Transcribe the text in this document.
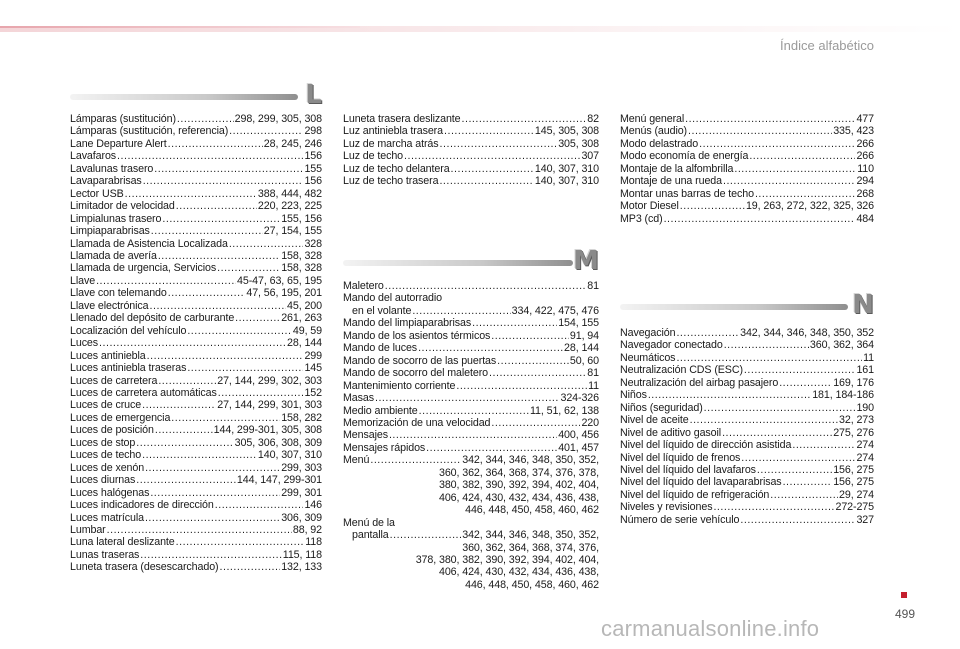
Índice alfabético
L
M
N
Lámparas (sustitución) .....	298, 299, 305, 308
Lámparas (sustitución, referencia) .....	298
Lane Departure Alert .....	28, 245, 246
Lavafaros .....	156
Lavalunas trasero .....	155
Lavaparabrisas .....	156
Lector USB .....	388, 444, 482
Limitador de velocidad .....	220, 223, 225
Limpialunas trasero .....	155, 156
Limpiaparabrisas .....	27, 154, 155
Llamada de Asistencia Localizada .....	328
Llamada de avería .....	158, 328
Llamada de urgencia, Servicios .....	158, 328
Llave .....	45-47, 63, 65, 195
Llave con telemando .....	47, 56, 195, 201
Llave electrónica .....	45, 200
Llenado del depósito de carburante .....	261, 263
Localización del vehículo .....	49, 59
Luces .....	28, 144
Luces antiniebla .....	299
Luces antiniebla traseras .....	145
Luces de carretera .....	27, 144, 299, 302, 303
Luces de carretera automáticas .....	152
Luces de cruce .....	27, 144, 299, 301, 303
Luces de emergencia .....	158, 282
Luces de posición .....	144, 299-301, 305, 308
Luces de stop .....	305, 306, 308, 309
Luces de techo .....	140, 307, 310
Luces de xenón .....	299, 303
Luces diurnas .....	144, 147, 299-301
Luces halógenas .....	299, 301
Luces indicadores de dirección .....	146
Luces matrícula .....	306, 309
Lumbar .....	88, 92
Luna lateral deslizante .....	118
Lunas traseras .....	115, 118
Luneta trasera (desescarchado) .....	132, 133
Luneta trasera deslizante .....	82
Luz antiniebla trasera .....	145, 305, 308
Luz de marcha atrás .....	305, 308
Luz de techo .....	307
Luz de techo delantera .....	140, 307, 310
Luz de techo trasera .....	140, 307, 310
Maletero .....	81
Mando del autorradio
en el volante .....	334, 422, 475, 476
Mando del limpiaparabrisas .....	154, 155
Mando de los asientos térmicos .....	91, 94
Mando de luces .....	28, 144
Mando de socorro de las puertas .....	50, 60
Mando de socorro del maletero .....	81
Mantenimiento corriente .....	11
Masas .....	324-326
Medio ambiente .....	11, 51, 62, 138
Memorización de una velocidad .....	220
Mensajes .....	400, 456
Mensajes rápidos .....	401, 457
Menú .....	342, 344, 346, 348, 350, 352,
360, 362, 364, 368, 374, 376, 378,
380, 382, 390, 392, 394, 402, 404,
406, 424, 430, 432, 434, 436, 438,
446, 448, 450, 458, 460, 462
Menú de la
pantalla .....	342, 344, 346, 348, 350, 352,
360, 362, 364, 368, 374, 376,
378, 380, 382, 390, 392, 394, 402, 404,
406, 424, 430, 432, 434, 436, 438,
446, 448, 450, 458, 460, 462
Menú general .....	477
Menús (audio) .....	335, 423
Modo delastrado .....	266
Modo economía de energía .....	266
Montaje de la alfombrilla .....	110
Montaje de una rueda .....	294
Montar unas barras de techo .....	268
Motor Diesel .....	19, 263, 272, 322, 325, 326
MP3 (cd) .....	484
Navegación .....	342, 344, 346, 348, 350, 352
Navegador conectado .....	360, 362, 364
Neumáticos .....	11
Neutralización CDS (ESC) .....	161
Neutralización del airbag pasajero .....	169, 176
Niños .....	181, 184-186
Niños (seguridad) .....	190
Nivel de aceite .....	32, 273
Nivel de aditivo gasoil .....	275, 276
Nivel del líquido de dirección asistida .....	274
Nivel del líquido de frenos .....	274
Nivel del líquido del lavafaros .....	156, 275
Nivel del líquido del lavaparabrisas .....	156, 275
Nivel del líquido de refrigeración .....	29, 274
Niveles y revisiones .....	272-275
Número de serie vehículo .....	327
499
carmanualsonline.info
